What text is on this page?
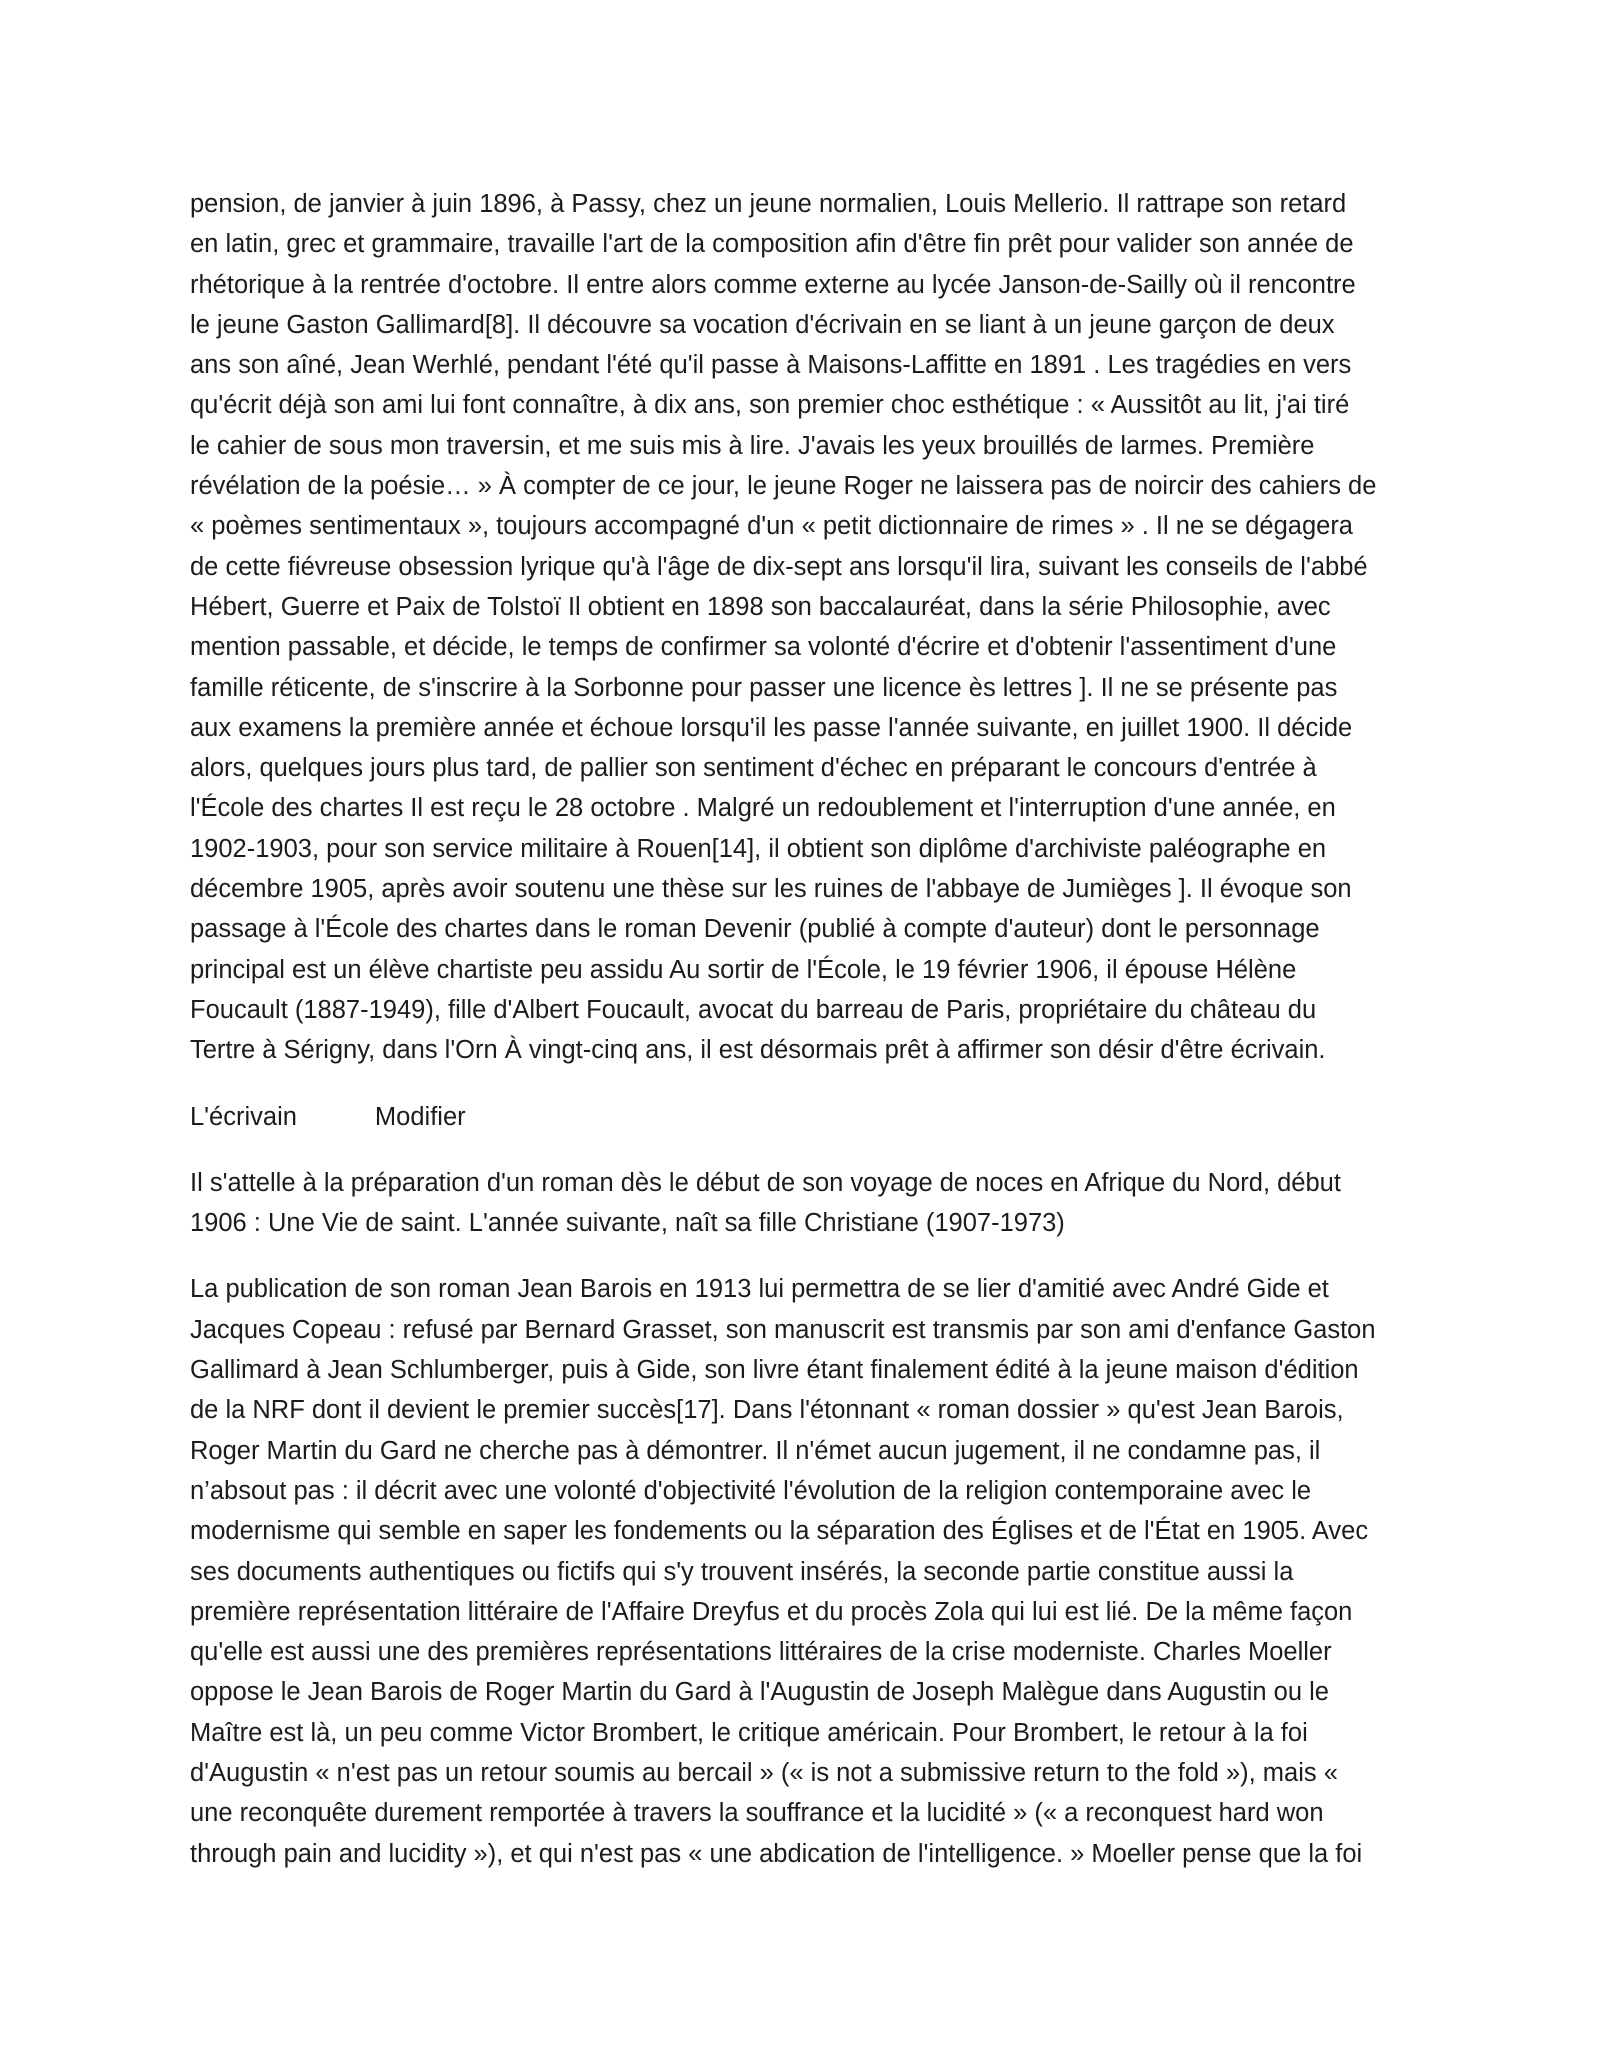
pension, de janvier à juin 1896, à Passy, chez un jeune normalien, Louis Mellerio. Il rattrape son retard
en latin, grec et grammaire, travaille l'art de la composition afin d'être fin prêt pour valider son année de
rhétorique à la rentrée d'octobre. Il entre alors comme externe au lycée Janson-de-Sailly où il rencontre
le jeune Gaston Gallimard[8]. Il découvre sa vocation d'écrivain en se liant à un jeune garçon de deux
ans son aîné, Jean Werhlé, pendant l'été qu'il passe à Maisons-Laffitte en 1891 . Les tragédies en vers
qu'écrit déjà son ami lui font connaître, à dix ans, son premier choc esthétique : « Aussitôt au lit, j'ai tiré
le cahier de sous mon traversin, et me suis mis à lire. J'avais les yeux brouillés de larmes. Première
révélation de la poésie… » À compter de ce jour, le jeune Roger ne laissera pas de noircir des cahiers de
« poèmes sentimentaux », toujours accompagné d'un « petit dictionnaire de rimes » . Il ne se dégagera
de cette fiévreuse obsession lyrique qu'à l'âge de dix-sept ans lorsqu'il lira, suivant les conseils de l'abbé
Hébert, Guerre et Paix de Tolstoï Il obtient en 1898 son baccalauréat, dans la série Philosophie, avec
mention passable, et décide, le temps de confirmer sa volonté d'écrire et d'obtenir l'assentiment d'une
famille réticente, de s'inscrire à la Sorbonne pour passer une licence ès lettres ]. Il ne se présente pas
aux examens la première année et échoue lorsqu'il les passe l'année suivante, en juillet 1900. Il décide
alors, quelques jours plus tard, de pallier son sentiment d'échec en préparant le concours d'entrée à
l'École des chartes Il est reçu le 28 octobre . Malgré un redoublement et l'interruption d'une année, en
1902-1903, pour son service militaire à Rouen[14], il obtient son diplôme d'archiviste paléographe en
décembre 1905, après avoir soutenu une thèse sur les ruines de l'abbaye de Jumièges ]. Il évoque son
passage à l'École des chartes dans le roman Devenir (publié à compte d'auteur) dont le personnage
principal est un élève chartiste peu assidu Au sortir de l'École, le 19 février 1906, il épouse Hélène
Foucault (1887-1949), fille d'Albert Foucault, avocat du barreau de Paris, propriétaire du château du
Tertre à Sérigny, dans l'Orn À vingt-cinq ans, il est désormais prêt à affirmer son désir d'être écrivain.
L'écrivain	Modifier
Il s'attelle à la préparation d'un roman dès le début de son voyage de noces en Afrique du Nord, début
1906 : Une Vie de saint. L'année suivante, naît sa fille Christiane (1907-1973)
La publication de son roman Jean Barois en 1913 lui permettra de se lier d'amitié avec André Gide et
Jacques Copeau : refusé par Bernard Grasset, son manuscrit est transmis par son ami d'enfance Gaston
Gallimard à Jean Schlumberger, puis à Gide, son livre étant finalement édité à la jeune maison d'édition
de la NRF dont il devient le premier succès[17]. Dans l'étonnant « roman dossier » qu'est Jean Barois,
Roger Martin du Gard ne cherche pas à démontrer. Il n'émet aucun jugement, il ne condamne pas, il
n’absout pas : il décrit avec une volonté d'objectivité l'évolution de la religion contemporaine avec le
modernisme qui semble en saper les fondements ou la séparation des Églises et de l'État en 1905. Avec
ses documents authentiques ou fictifs qui s'y trouvent insérés, la seconde partie constitue aussi la
première représentation littéraire de l'Affaire Dreyfus et du procès Zola qui lui est lié. De la même façon
qu'elle est aussi une des premières représentations littéraires de la crise moderniste. Charles Moeller
oppose le Jean Barois de Roger Martin du Gard à l'Augustin de Joseph Malègue dans Augustin ou le
Maître est là, un peu comme Victor Brombert, le critique américain. Pour Brombert, le retour à la foi
d'Augustin « n'est pas un retour soumis au bercail » (« is not a submissive return to the fold »), mais «
une reconquête durement remportée à travers la souffrance et la lucidité » (« a reconquest hard won
through pain and lucidity »), et qui n'est pas « une abdication de l'intelligence. » Moeller pense que la foi
